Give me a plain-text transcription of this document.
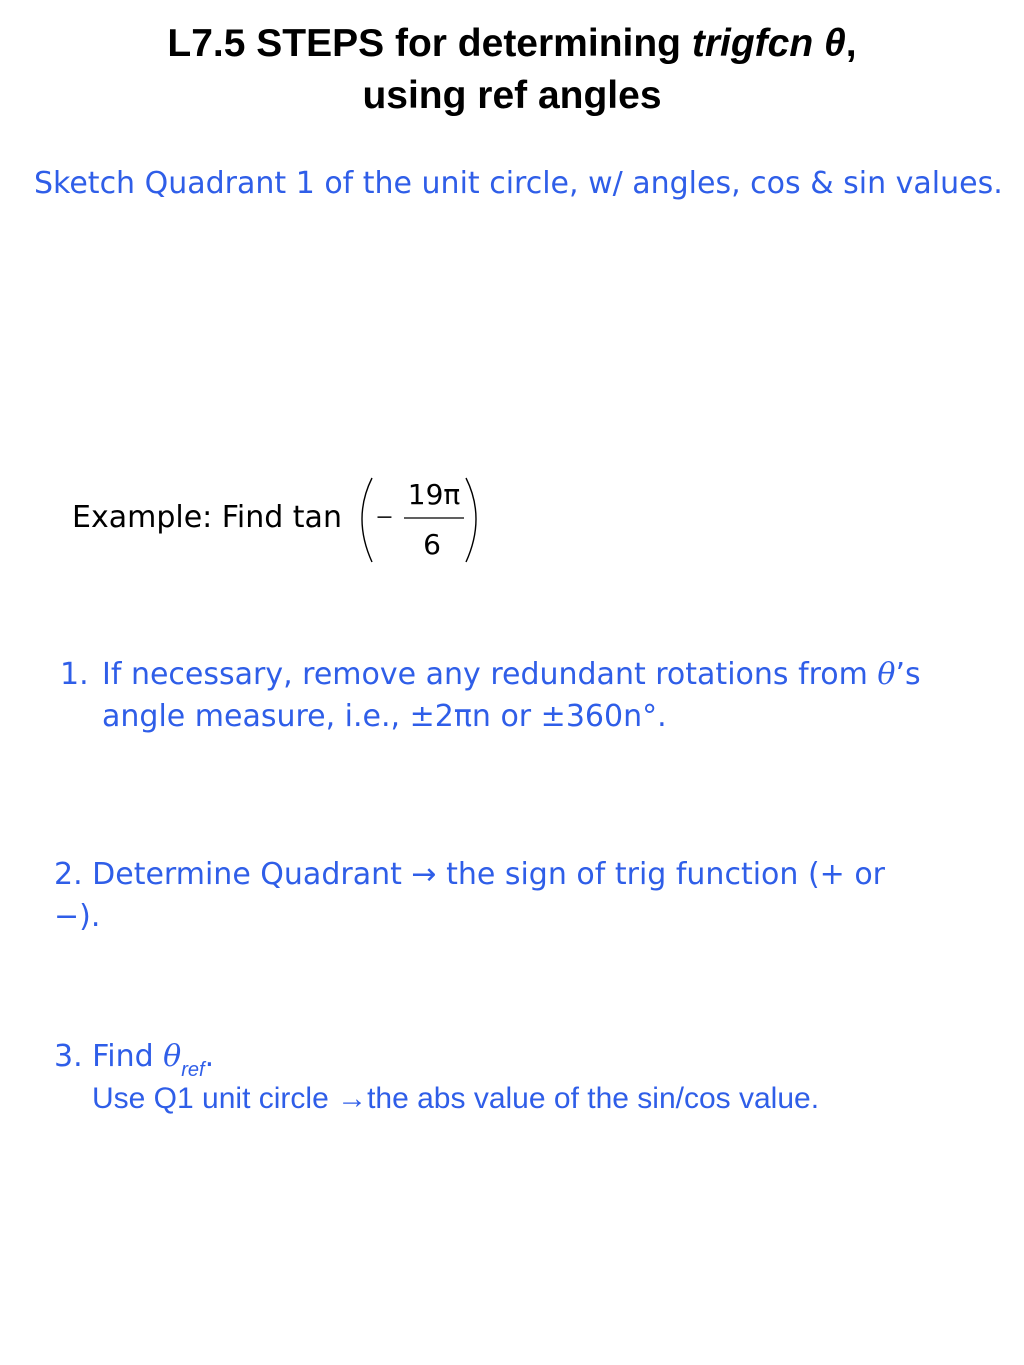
L7.5 STEPS for determining trigfcn θ,
using ref angles
Sketch Quadrant 1 of the unit circle, w/ angles, cos & sin values.
Example: Find tan −
19π
6
1. If necessary, remove any redundant rotations from θ’s angle measure, i.e., ±2πn or ±360n°.
2. Determine Quadrant → the sign of trig function (+ or −).
3. Find $\theta_{ref}$.
Use Q1 unit circle →the abs value of the sin/cos value.
